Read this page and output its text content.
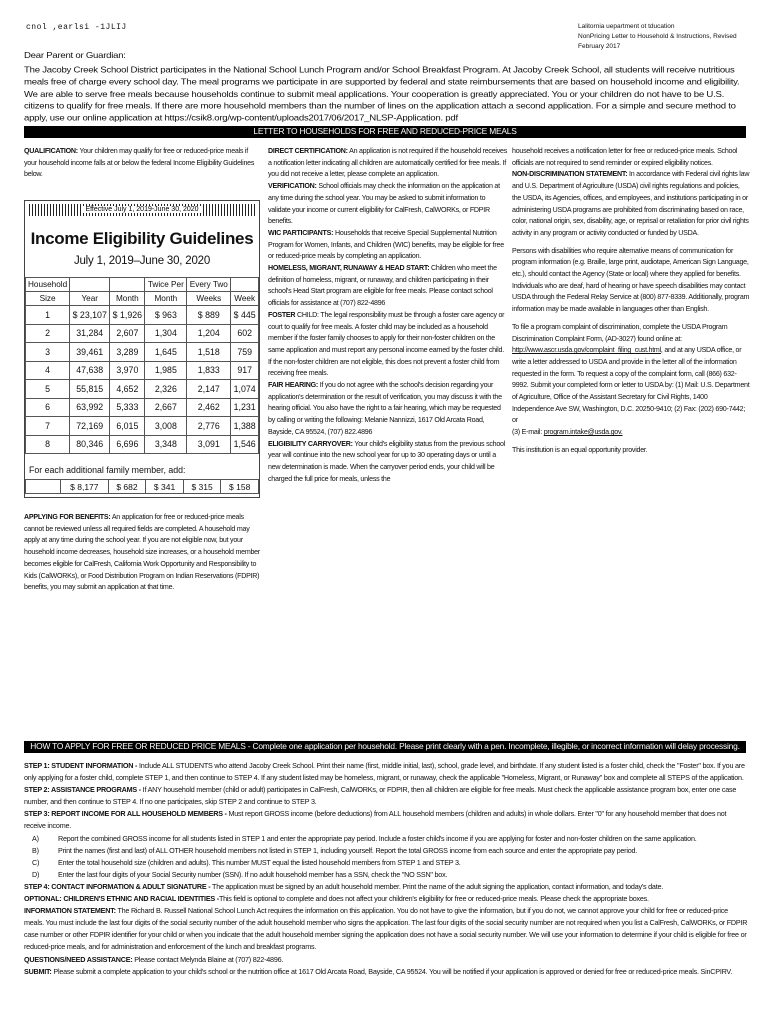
cnol ,earlsi -1JLIJ	Lalitornia uepartment ot tducation
NonPricing Letter to Household & Instructions, Revised February 2017

Dear Parent or Guardian:

The Jacoby Creek School District participates in the National School Lunch Program and/or School Breakfast Program. At Jacoby Creek School, all students will receive nutritious meals free of charge every school day. The meal programs we participate in are supported by federal and state reimbursements that are based on household income and eligibility. We are able to serve free meals because households continue to submit meal applications. Your cooperation is greatly appreciated. You or your children do not have to be U.S. citizens to qualify for free meals. If there are more household members than the number of lines on the application attach a second application. For a simple and secure method to apply, use our online application at https://csik8.org/wp-content/uploads2017/06/2017_NLSP-Application. pdf

LETTER TO HOUSEHOLDS FOR FREE AND REDUCED-PRICE MEALS

QUALIFICATION: Your children may qualify for free or reduced-price meals if your household income falls at or below the federal Income Eligibility Guidelines below.

Effective July 1, 2019-June 30, 2020
Income Eligibility Guidelines
July 1, 2019–June 30, 2020
Household			Twice Per	Every Two	
Size	Year	Month	Month	Weeks	Week
1	$ 23,107	$ 1,926	$ 963	$ 889	$ 445
2	31,284	2,607	1,304	1,204	602
3	39,461	3,289	1,645	1,518	759
4	47,638	3,970	1,985	1,833	917
5	55,815	4,652	2,326	2,147	1,074
6	63,992	5,333	2,667	2,462	1,231
7	72,169	6,015	3,008	2,776	1,388
8	80,346	6,696	3,348	3,091	1,546
For each additional family member, add:
	$ 8,177	$ 682	$ 341	$ 315	$ 158

APPLYING FOR BENEFITS: An application for free or reduced-price meals cannot be reviewed unless all required fields are completed. A household may apply at any time during the school year. If you are not eligible now, but your household income decreases, household size increases, or a household member becomes eligible for CalFresh, California Work Opportunity and Responsibility to Kids (CalWORKs), or Food Distribution Program on Indian Reservations (FDPIR) benefits, you may submit an application at that time.

DIRECT CERTIFICATION: An application is not required if the household receives a notification letter indicating all children are automatically certified for free meals. If you did not receive a letter, please complete an application.

VERIFICATION: School officials may check the information on the application at any time during the school year. You may be asked to submit information to validate your income or current eligibility for CalFresh, CalWORKs, or FDPIR benefits.

WIC PARTICIPANTS: Households that receive Special Supplemental Nutrition Program for Women, Infants, and Children (WIC) benefits, may be eligible for free or reduced-price meals by completing an application.

HOMELESS, MIGRANT, RUNAWAY & HEAD START: Children who meet the definition of homeless, migrant, or runaway, and children participating in their school's Head Start program are eligible for free meals. Please contact school officials for assistance at (707) 822-4896

FOSTER CHILD: The legal responsibility must be through a foster care agency or court to qualify for free meals. A foster child may be included as a household member if the foster family chooses to apply for their non-foster children on the same application and must report any personal income earned by the foster child. If the non-foster children are not eligible, this does not prevent a foster child from receiving free meals.

FAIR HEARING: If you do not agree with the school's decision regarding your application's determination or the result of verification, you may discuss it with the hearing official. You also have the right to a fair hearing, which may be requested by calling or writing the following: Melanie Nannizzi, 1617 Old Arcata Road, Bayside, CA 95524, (707) 822.4896

ELIGIBILITY CARRYOVER: Your child's eligibility status from the previous school year will continue into the new school year for up to 30 operating days or until a new determination is made. When the carryover period ends, your child will be charged the full price for meals, unless the

household receives a notification letter for free or reduced-price meals. School officials are not required to send reminder or expired eligibility notices.

NON-DISCRIMINATION STATEMENT: In accordance with Federal civil rights law and U.S. Department of Agriculture (USDA) civil rights regulations and policies, the USDA, its Agencies, offices, and employees, and institutions participating in or administering USDA programs are prohibited from discriminating based on race, color, national origin, sex, disability, age, or reprisal or retaliation for prior civil rights activity in any program or activity conducted or funded by USDA.

Persons with disabilities who require alternative means of communication for program information (e.g. Braille, large print, audiotape, American Sign Language, etc.), should contact the Agency (State or local) where they applied for benefits. Individuals who are deaf, hard of hearing or have speech disabilities may contact USDA through the Federal Relay Service at (800) 877-8339. Additionally, program information may be made available in languages other than English.

To file a program complaint of discrimination, complete the USDA Program Discrimination Complaint Form, (AD-3027) found online at: http://www.ascr.usda.gov/complaint_filing_cust.html, and at any USDA office, or write a letter addressed to USDA and provide in the letter all of the information requested in the form. To request a copy of the complaint form, call (866) 632-9992. Submit your completed form or letter to USDA by: (1) Mail: U.S. Department of Agriculture, Office of the Assistant Secretary for Civil Rights, 1400 Independence Ave SW, Washington, D.C. 20250-9410; (2) Fax: (202) 690-7442; or

(3) E-mail: program.intake@usda.gov.

This institution is an equal opportunity provider.

HOW TO APPLY FOR FREE OR REDUCED PRICE MEALS - Complete one application per household. Please print clearly with a pen. Incomplete, illegible, or incorrect information will delay processing.

STEP 1: STUDENT INFORMATION - Include ALL STUDENTS who attend Jacoby Creek School. Print their name (first, middle initial, last), school, grade level, and birthdate. If any student listed is a foster child, check the "Foster" box. If you are only applying for a foster child, complete STEP 1, and then continue to STEP 4. If any student listed may be homeless, migrant, or runaway, check the applicable "Homeless, Migrant, or Runaway" box and complete all STEPS of the application.

STEP 2: ASSISTANCE PROGRAMS - If ANY household member (child or adult) participates in CalFresh, CalWORKs, or FDPIR, then all children are eligible for free meals. Must check the applicable assistance program box, enter one case number, and then continue to STEP 4. If no one participates, skip STEP 2 and continue to STEP 3.

STEP 3: REPORT INCOME FOR ALL HOUSEHOLD MEMBERS - Must report GROSS income (before deductions) from ALL household members (children and adults) in whole dollars. Enter "0" for any household member that does not receive income.

A)	Report the combined GROSS income for all students listed in STEP 1 and enter the appropriate pay period. Include a foster child's income if you are applying for foster and non-foster children on the same application.
B)	Print the names (first and last) of ALL OTHER household members not listed in STEP 1, including yourself. Report the total GROSS income from each source and enter the appropriate pay period.
C)	Enter the total household size (children and adults). This number MUST equal the listed household members from STEP 1 and STEP 3.
D)	Enter the last four digits of your Social Security number (SSN). If no adult household member has a SSN, check the "NO SSN" box.

STEP 4: CONTACT INFORMATION & ADULT SIGNATURE - The application must be signed by an adult household member. Print the name of the adult signing the application, contact information, and today's date.

OPTIONAL: CHILDREN'S ETHNIC AND RACIAL IDENTITIES -This field is optional to complete and does not affect your children's eligibility for free or reduced-price meals. Please check the appropriate boxes.

INFORMATION STATEMENT: The Richard B. Russell National School Lunch Act requires the information on this application. You do not have to give the information, but if you do not, we cannot approve your child for free or reduced-price meals. You must include the last four digits of the social security number of the adult household member who signs the application. The last four digits of the social security number are not required when you list a CalFresh, CalWORKs, or FDPIR case number or other FDPIR identifier for your child or when you indicate that the adult household member signing the application does not have a social security number. We will use your information to determine if your child is eligible for free or reduced-price meals, and for administration and enforcement of the lunch and breakfast programs.

QUESTIONS/NEED ASSISTANCE: Please contact Melynda Blaine at (707) 822-4896.

SUBMIT: Please submit a complete application to your child's school or the nutrition office at 1617 Old Arcata Road, Bayside, CA 95524. You will be notified if your application is approved or denied for free or reduced-price meals. SinCPIRV.
